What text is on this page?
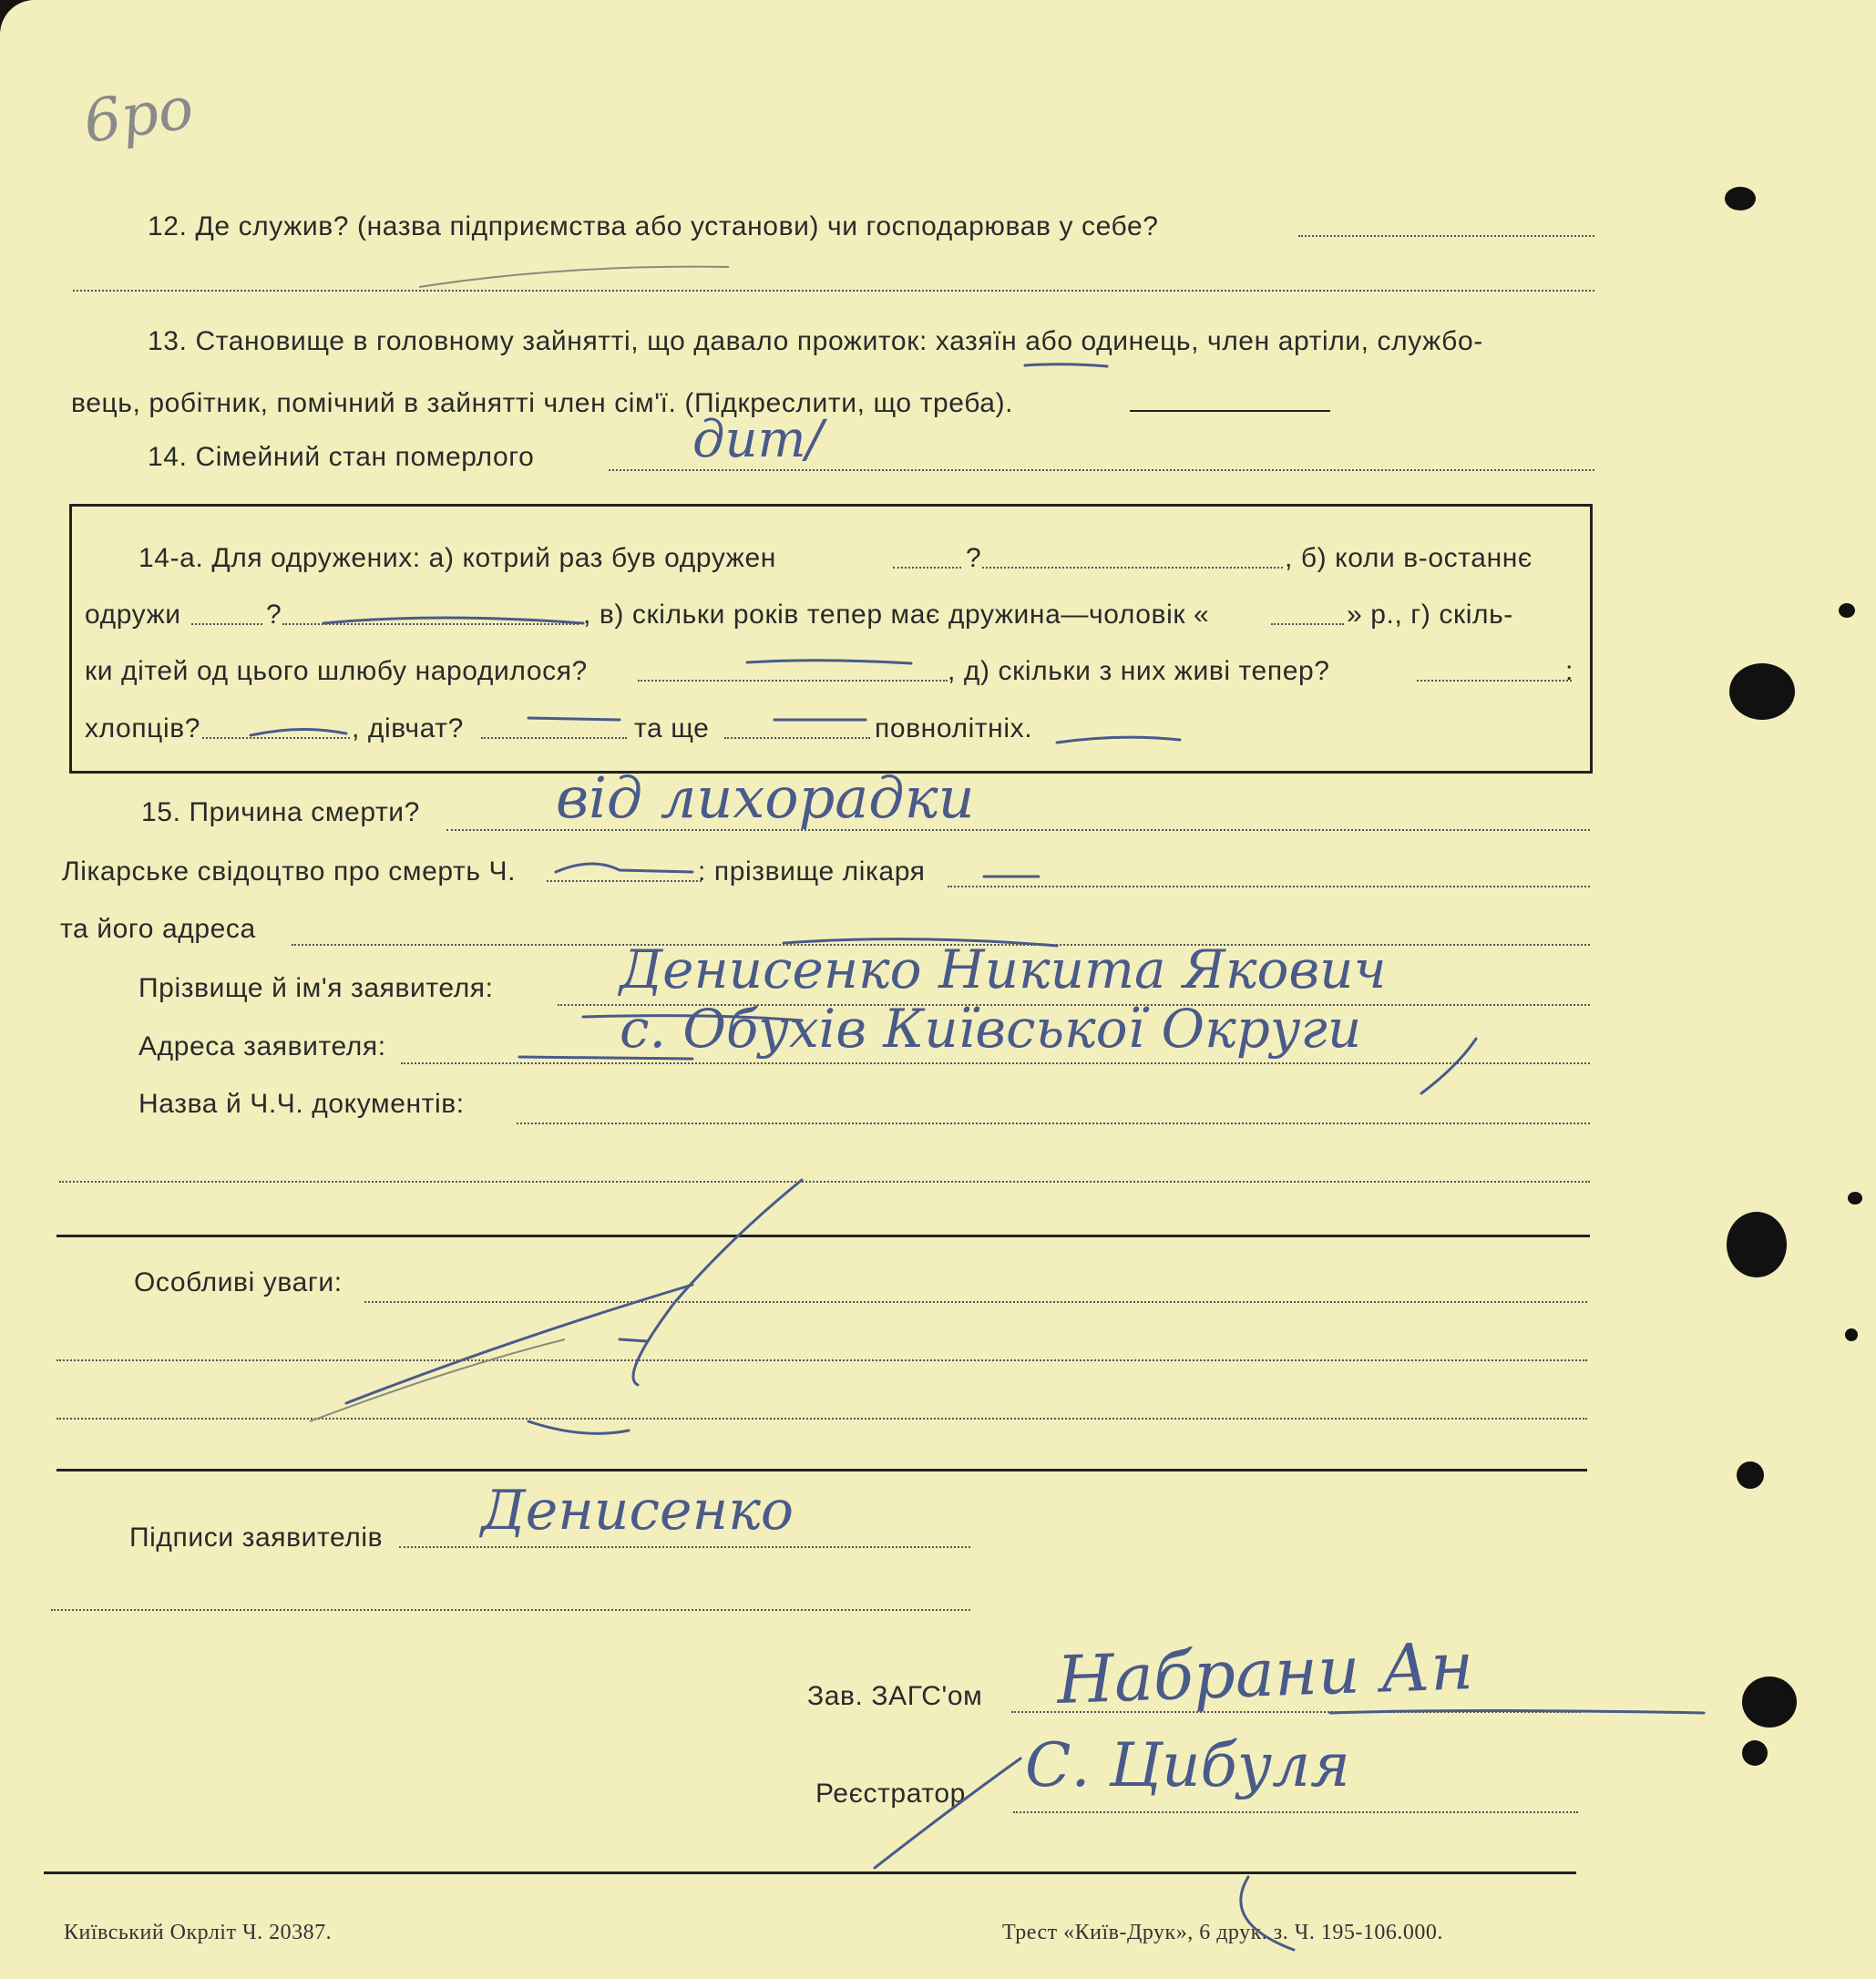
6ро
12. Де служив? (назва підприємства або установи) чи господарював у себе?
13. Становище в головному зайнятті, що давало прожиток: хазяїн або одинець, член артіли, службо-
вець, робітник, помічний в зайнятті член сім'ї. (Підкреслити, що треба).
14. Сімейний стан померлого	дит/
14-а. Для одружених: а) котрий раз був одружен	?	, б) коли в-останнє
одружи	?	, в) скільки років тепер має дружина—чоловік «	» р., г) скіль-
ки дітей од цього шлюбу народилося?	, д) скільки з них живі тепер?	:
хлопців?	, дівчат?	та ще	повнолітніх.
15. Причина смерти? від лихорадки
Лікарське свідоцтво про смерть Ч.	: прізвище лікаря
та його адреса
Прізвище й ім'я заявителя: Денисенко Никита Якович
Адреса заявителя:	с. Обухів Київської Округи
Назва й Ч.Ч. документів:
Особливі уваги:
Підписи заявителів Денисенко
Зав. ЗАГС'ом Набрани Ан
Реєстратор С. Цибуля
Київський Окрліт Ч. 20387.	Трест «Київ-Друк», 6 друк. з. Ч. 195-106.000.
